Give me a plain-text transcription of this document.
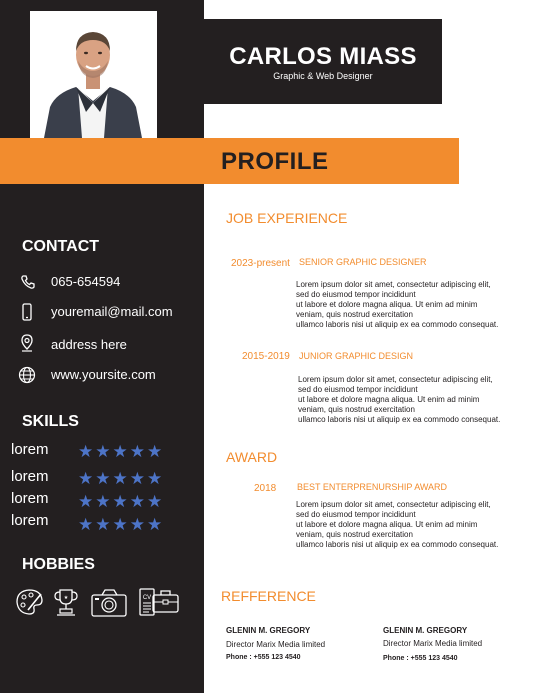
CARLOS MIASS
Graphic & Web Designer
PROFILE
CONTACT
065-654594
youremail@mail.com
address here
www.yoursite.com
SKILLS
lorem ★★★★★
lorem ★★★★★
lorem ★★★★★
lorem ★★★★★
HOBBIES
★	CV
JOB EXPERIENCE
2023-present SENIOR GRAPHIC DESIGNER
Lorem ipsum dolor sit amet, consectetur adipiscing elit,
sed do eiusmod tempor incididunt
ut labore et dolore magna aliqua. Ut enim ad minim
veniam, quis nostrud exercitation
ullamco laboris nisi ut aliquip ex ea commodo consequat.
2015-2019 JUNIOR GRAPHIC DESIGN
Lorem ipsum dolor sit amet, consectetur adipiscing elit,
sed do eiusmod tempor incididunt
ut labore et dolore magna aliqua. Ut enim ad minim
veniam, quis nostrud exercitation
ullamco laboris nisi ut aliquip ex ea commodo consequat.
AWARD
2018 BEST ENTERPRENURSHIP AWARD
Lorem ipsum dolor sit amet, consectetur adipiscing elit,
sed do eiusmod tempor incididunt
ut labore et dolore magna aliqua. Ut enim ad minim
veniam, quis nostrud exercitation
ullamco laboris nisi ut aliquip ex ea commodo consequat.
REFFERENCE
GLENIN M. GREGORY
Director Marix Media limited
Phone : +555 123 4540
GLENIN M. GREGORY
Director Marix Media limited
Phone : +555 123 4540
